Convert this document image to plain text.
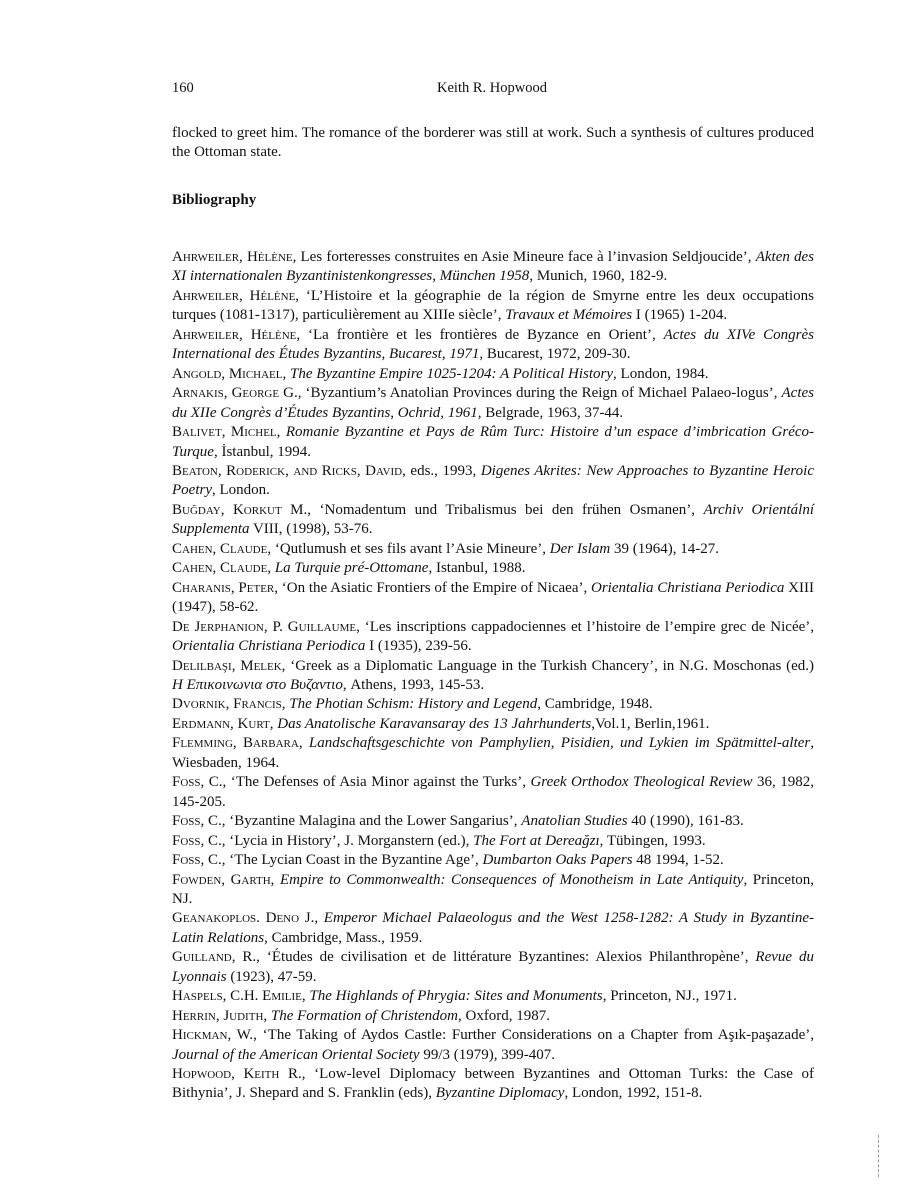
160	Keith R. Hopwood

flocked to greet him. The romance of the borderer was still at work. Such a synthesis of cultures produced the Ottoman state.

Bibliography

Ahrweiler, Hélène, Les forteresses construites en Asie Mineure face à l’invasion Seldjoucide’, Akten des XI internationalen Byzantinistenkongresses, München 1958, Munich, 1960, 182-9.

Ahrweiler, Hélène, ‘L’Histoire et la géographie de la région de Smyrne entre les deux occupations turques (1081-1317), particulièrement au XIIIe siècle’, Travaux et Mémoires I (1965) 1-204.

Ahrweiler, Hélène, ‘La frontière et les frontières de Byzance en Orient’, Actes du XIVe Congrès International des Études Byzantins, Bucarest, 1971, Bucarest, 1972, 209-30.

Angold, Michael, The Byzantine Empire 1025-1204: A Political History, London, 1984.

Arnakis, George G., ‘Byzantium’s Anatolian Provinces during the Reign of Michael Palaeo-logus’, Actes du XIIe Congrès d’Études Byzantins, Ochrid, 1961, Belgrade, 1963, 37-44.

Balivet, Michel, Romanie Byzantine et Pays de Rûm Turc: Histoire d’un espace d’imbrication Gréco-Turque, İstanbul, 1994.

Beaton, Roderick, and Ricks, David, eds., 1993, Digenes Akrites: New Approaches to Byzantine Heroic Poetry, London.

Buğday, Korkut M., ‘Nomadentum und Tribalismus bei den frühen Osmanen’, Archiv Orientální Supplementa VIII, (1998), 53-76.

Cahen, Claude, ‘Qutlumush et ses fils avant l’Asie Mineure’, Der Islam 39 (1964), 14-27.

Cahen, Claude, La Turquie pré-Ottomane, Istanbul, 1988.

Charanis, Peter, ‘On the Asiatic Frontiers of the Empire of Nicaea’, Orientalia Christiana Periodica XIII (1947), 58-62.

De Jerphanion, P. Guillaume, ‘Les inscriptions cappadociennes et l’histoire de l’empire grec de Nicée’, Orientalia Christiana Periodica I (1935), 239-56.

Delilbaşı, Melek, ‘Greek as a Diplomatic Language in the Turkish Chancery’, in N.G. Moschonas (ed.) Η Επικοινωνια στο Βυζαντιο, Athens, 1993, 145-53.

Dvornik, Francis, The Photian Schism: History and Legend, Cambridge, 1948.

Erdmann, Kurt, Das Anatolische Karavansaray des 13 Jahrhunderts,Vol.1, Berlin,1961.

Flemming, Barbara, Landschaftsgeschichte von Pamphylien, Pisidien, und Lykien im Spätmittel-alter, Wiesbaden, 1964.

Foss, C., ‘The Defenses of Asia Minor against the Turks’, Greek Orthodox Theological Review 36, 1982, 145-205.

Foss, C., ‘Byzantine Malagina and the Lower Sangarius’, Anatolian Studies 40 (1990), 161-83.

Foss, C., ‘Lycia in History’, J. Morganstern (ed.), The Fort at Dereağzı, Tübingen, 1993.

Foss, C., ‘The Lycian Coast in the Byzantine Age’, Dumbarton Oaks Papers 48 1994, 1-52.

Fowden, Garth, Empire to Commonwealth: Consequences of Monotheism in Late Antiquity, Princeton, NJ.

Geanakoplos. Deno J., Emperor Michael Palaeologus and the West 1258-1282: A Study in Byzantine-Latin Relations, Cambridge, Mass., 1959.

Guilland, R., ‘Études de civilisation et de littérature Byzantines: Alexios Philanthropène’, Revue du Lyonnais (1923), 47-59.

Haspels, C.H. Emilie, The Highlands of Phrygia: Sites and Monuments, Princeton, NJ., 1971.

Herrin, Judith, The Formation of Christendom, Oxford, 1987.

Hickman, W., ‘The Taking of Aydos Castle: Further Considerations on a Chapter from Aşık-paşazade’, Journal of the American Oriental Society 99/3 (1979), 399-407.

Hopwood, Keith R., ‘Low-level Diplomacy between Byzantines and Ottoman Turks: the Case of Bithynia’, J. Shepard and S. Franklin (eds), Byzantine Diplomacy, London, 1992, 151-8.
